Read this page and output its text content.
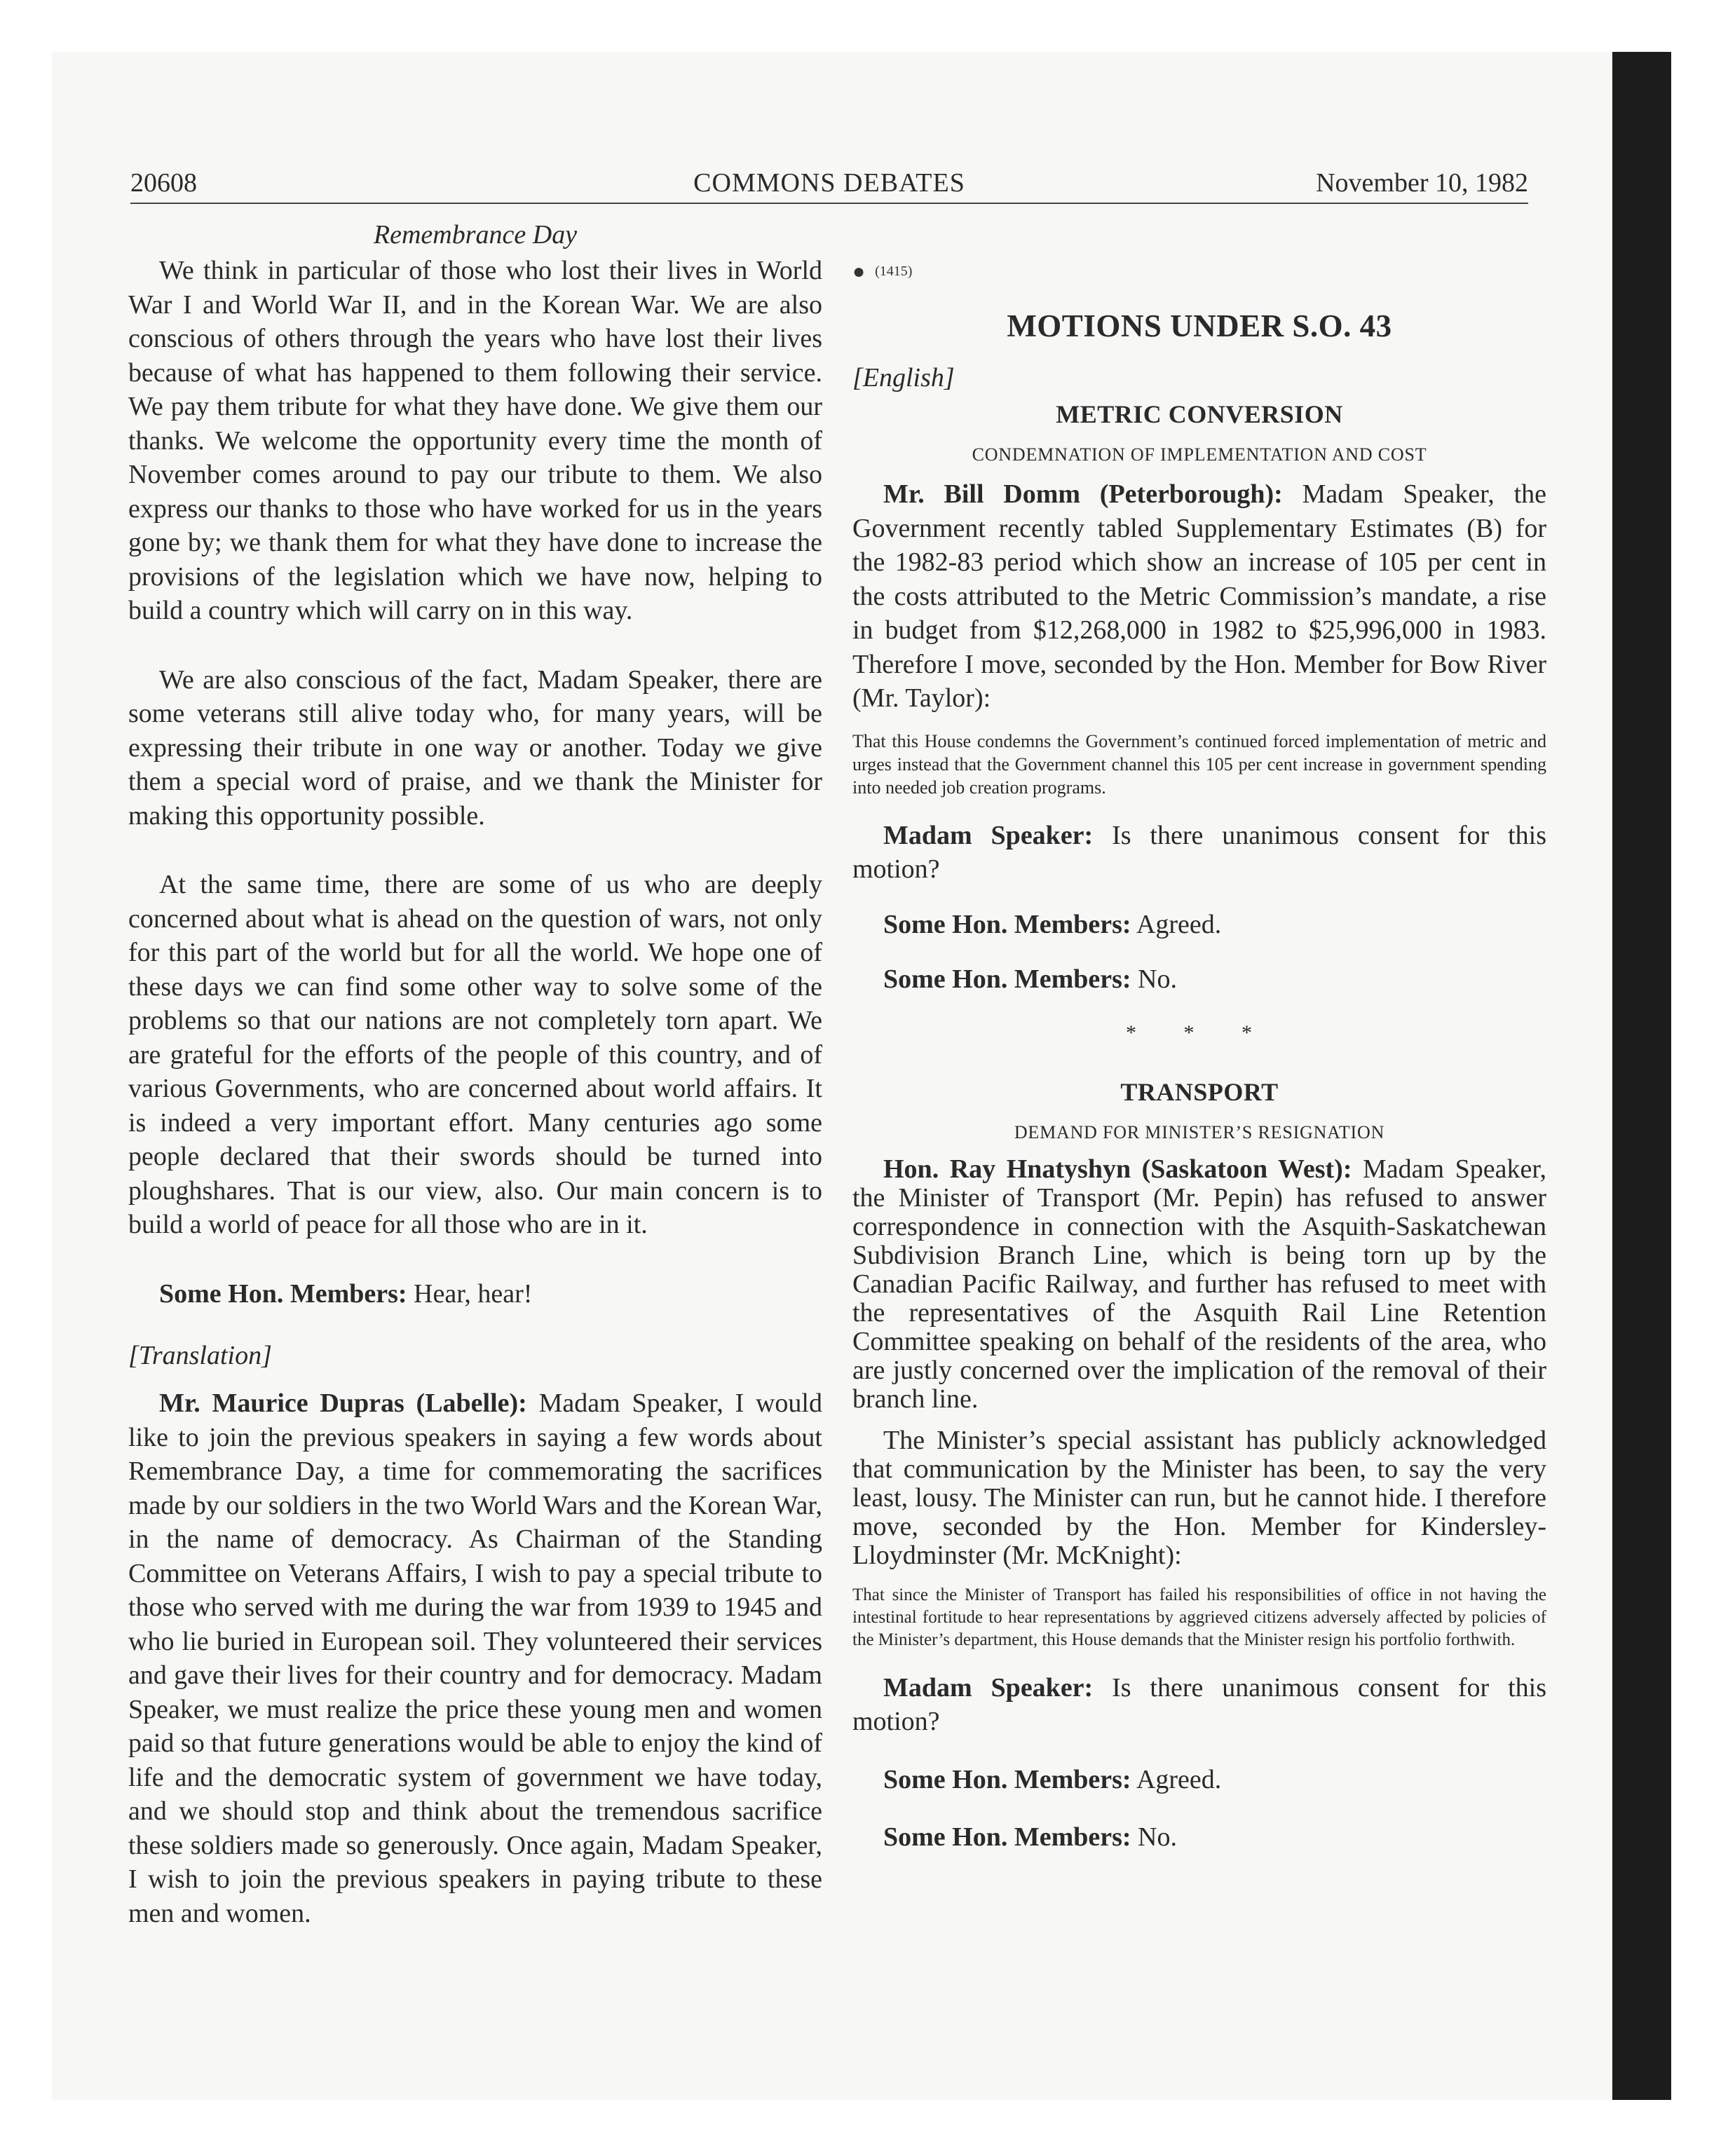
20608	COMMONS DEBATES	November 10, 1982
Remembrance Day

We think in particular of those who lost their lives in World War I and World War II, and in the Korean War. We are also conscious of others through the years who have lost their lives because of what has happened to them following their service. We pay them tribute for what they have done. We give them our thanks. We welcome the opportunity every time the month of November comes around to pay our tribute to them. We also express our thanks to those who have worked for us in the years gone by; we thank them for what they have done to increase the provisions of the legislation which we have now, helping to build a country which will carry on in this way.

We are also conscious of the fact, Madam Speaker, there are some veterans still alive today who, for many years, will be expressing their tribute in one way or another. Today we give them a special word of praise, and we thank the Minister for making this opportunity possible.

At the same time, there are some of us who are deeply concerned about what is ahead on the question of wars, not only for this part of the world but for all the world. We hope one of these days we can find some other way to solve some of the problems so that our nations are not completely torn apart. We are grateful for the efforts of the people of this country, and of various Governments, who are concerned about world affairs. It is indeed a very important effort. Many centuries ago some people declared that their swords should be turned into ploughshares. That is our view, also. Our main concern is to build a world of peace for all those who are in it.

Some Hon. Members: Hear, hear!

[Translation]

Mr. Maurice Dupras (Labelle): Madam Speaker, I would like to join the previous speakers in saying a few words about Remembrance Day, a time for commemorating the sacrifices made by our soldiers in the two World Wars and the Korean War, in the name of democracy. As Chairman of the Standing Committee on Veterans Affairs, I wish to pay a special tribute to those who served with me during the war from 1939 to 1945 and who lie buried in European soil. They volunteered their services and gave their lives for their country and for democracy. Madam Speaker, we must realize the price these young men and women paid so that future generations would be able to enjoy the kind of life and the democratic system of government we have today, and we should stop and think about the tremendous sacrifice these soldiers made so generously. Once again, Madam Speaker, I wish to join the previous speakers in paying tribute to these men and women.

● (1415)
MOTIONS UNDER S.O. 43
[English]
METRIC CONVERSION
CONDEMNATION OF IMPLEMENTATION AND COST

Mr. Bill Domm (Peterborough): Madam Speaker, the Government recently tabled Supplementary Estimates (B) for the 1982-83 period which show an increase of 105 per cent in the costs attributed to the Metric Commission’s mandate, a rise in budget from $12,268,000 in 1982 to $25,996,000 in 1983. Therefore I move, seconded by the Hon. Member for Bow River (Mr. Taylor):

That this House condemns the Government’s continued forced implementation of metric and urges instead that the Government channel this 105 per cent increase in government spending into needed job creation programs.

Madam Speaker: Is there unanimous consent for this motion?

Some Hon. Members: Agreed.

Some Hon. Members: No.

* * *
TRANSPORT
DEMAND FOR MINISTER’S RESIGNATION

Hon. Ray Hnatyshyn (Saskatoon West): Madam Speaker, the Minister of Transport (Mr. Pepin) has refused to answer correspondence in connection with the Asquith-Saskatchewan Subdivision Branch Line, which is being torn up by the Canadian Pacific Railway, and further has refused to meet with the representatives of the Asquith Rail Line Retention Committee speaking on behalf of the residents of the area, who are justly concerned over the implication of the removal of their branch line.

The Minister’s special assistant has publicly acknowledged that communication by the Minister has been, to say the very least, lousy. The Minister can run, but he cannot hide. I therefore move, seconded by the Hon. Member for Kindersley-Lloydminster (Mr. McKnight):

That since the Minister of Transport has failed his responsibilities of office in not having the intestinal fortitude to hear representations by aggrieved citizens adversely affected by policies of the Minister’s department, this House demands that the Minister resign his portfolio forthwith.

Madam Speaker: Is there unanimous consent for this motion?

Some Hon. Members: Agreed.

Some Hon. Members: No.
